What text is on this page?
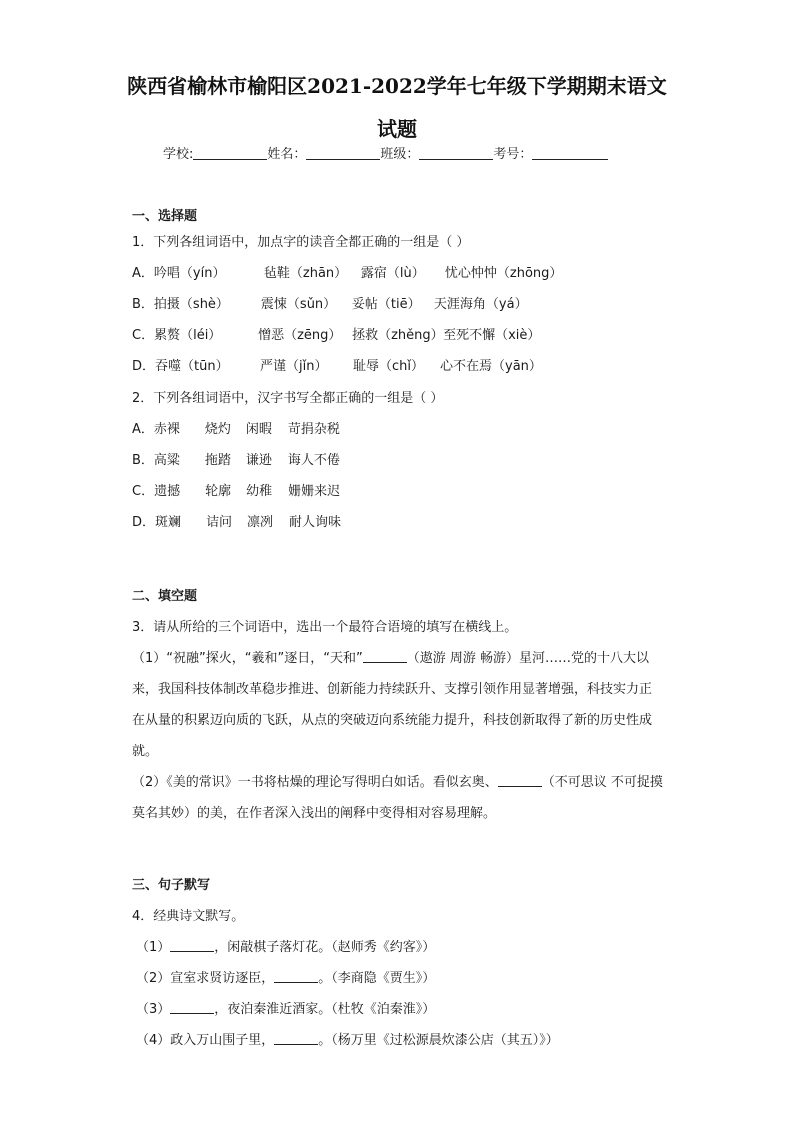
陕西省榆林市榆阳区2021-2022学年七年级下学期期末语文
试题
学校:	姓名：	班级：	考号：
一、选择题
1．下列各组词语中，加点字的读音全都正确的一组是（ ）
A．吟唱（yín）	毡鞋（zhān） 露宿（lù） 忧心忡忡（zhōng）
B．拍摄（shè） 震悚（sǔn） 妥帖（tiē） 天涯海角（yá）
C．累赘（léi）	憎恶（zēng） 拯救（zhěng）至死不懈（xiè）
D．吞噬（tūn） 严谨（jǐn） 耻辱（chǐ） 心不在焉（yān）
2．下列各组词语中，汉字书写全都正确的一组是（ ）
A．赤裸 烧灼 闲暇 苛捐杂税
B．高粱 拖踏 谦逊 诲人不倦
C．遗撼 轮廓 幼稚 姗姗来迟
D．斑斓 诘问 凛冽 耐人询味
二、填空题
3．请从所给的三个词语中，选出一个最符合语境的填写在横线上。
（1）“祝融”探火，“羲和”逐日，“天和”	（遨游 周游 畅游）星河……党的十八大以来，我国科技体制改革稳步推进、创新能力持续跃升、支撑引领作用显著增强，科技实力正在从量的积累迈向质的飞跃，从点的突破迈向系统能力提升，科技创新取得了新的历史性成就。
（2）《美的常识》一书将枯燥的理论写得明白如话。看似玄奥、	（不可思议 不可捉摸 莫名其妙）的美，在作者深入浅出的阐释中变得相对容易理解。
三、句子默写
4．经典诗文默写。
（1）	，闲敲棋子落灯花。（赵师秀《约客》）
（2）宣室求贤访逐臣，	。（李商隐《贾生》）
（3）	，夜泊秦淮近酒家。（杜牧《泊秦淮》）
（4）政入万山围子里，	。（杨万里《过松源晨炊漆公店（其五）》）
